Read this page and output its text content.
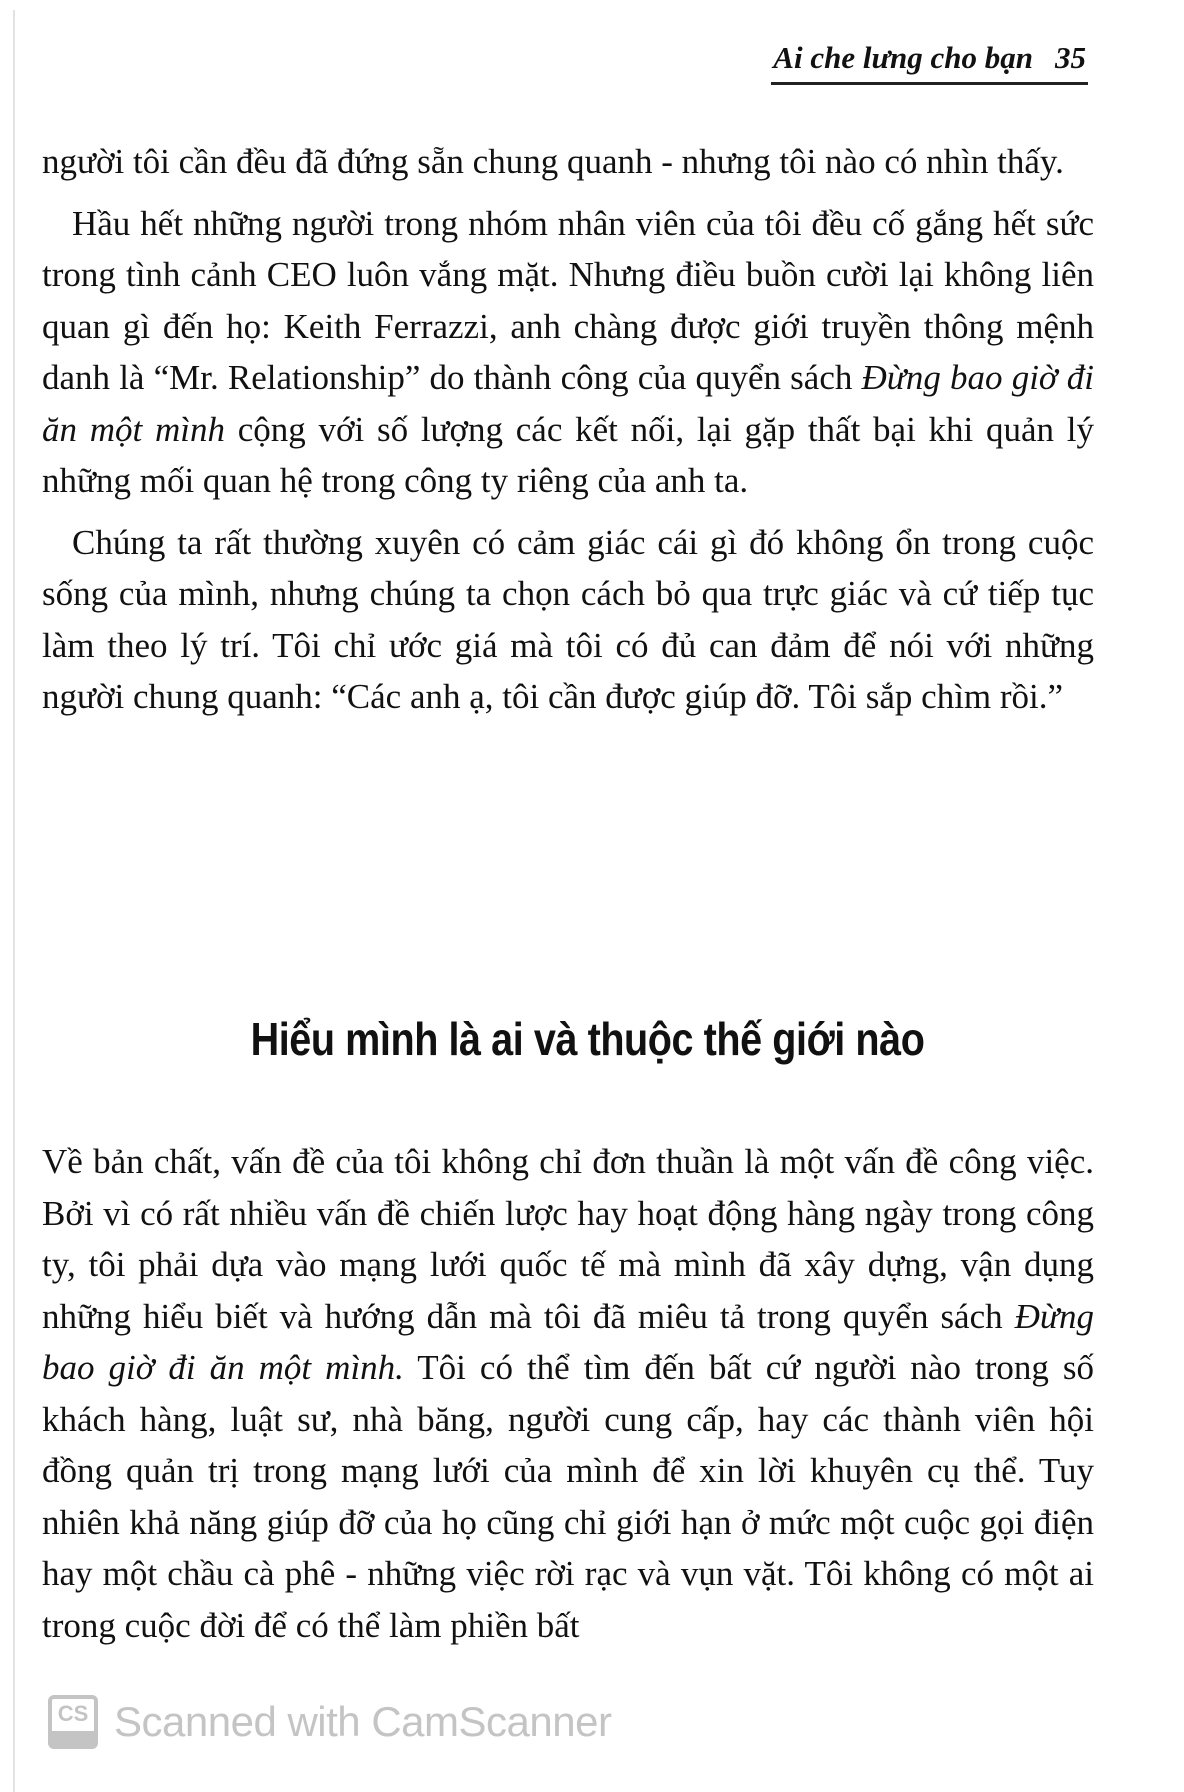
Ai che lưng cho bạn 35

người tôi cần đều đã đứng sẵn chung quanh - nhưng tôi nào có nhìn thấy.

Hầu hết những người trong nhóm nhân viên của tôi đều cố gắng hết sức trong tình cảnh CEO luôn vắng mặt. Nhưng điều buồn cười lại không liên quan gì đến họ: Keith Ferrazzi, anh chàng được giới truyền thông mệnh danh là “Mr. Relationship” do thành công của quyển sách Đừng bao giờ đi ăn một mình cộng với số lượng các kết nối, lại gặp thất bại khi quản lý những mối quan hệ trong công ty riêng của anh ta.

Chúng ta rất thường xuyên có cảm giác cái gì đó không ổn trong cuộc sống của mình, nhưng chúng ta chọn cách bỏ qua trực giác và cứ tiếp tục làm theo lý trí. Tôi chỉ ước giá mà tôi có đủ can đảm để nói với những người chung quanh: “Các anh ạ, tôi cần được giúp đỡ. Tôi sắp chìm rồi.”

Hiểu mình là ai và thuộc thế giới nào

Về bản chất, vấn đề của tôi không chỉ đơn thuần là một vấn đề công việc. Bởi vì có rất nhiều vấn đề chiến lược hay hoạt động hàng ngày trong công ty, tôi phải dựa vào mạng lưới quốc tế mà mình đã xây dựng, vận dụng những hiểu biết và hướng dẫn mà tôi đã miêu tả trong quyển sách Đừng bao giờ đi ăn một mình. Tôi có thể tìm đến bất cứ người nào trong số khách hàng, luật sư, nhà băng, người cung cấp, hay các thành viên hội đồng quản trị trong mạng lưới của mình để xin lời khuyên cụ thể. Tuy nhiên khả năng giúp đỡ của họ cũng chỉ giới hạn ở mức một cuộc gọi điện hay một chầu cà phê - những việc rời rạc và vụn vặt. Tôi không có một ai trong cuộc đời để có thể làm phiền bất

CS Scanned with CamScanner
